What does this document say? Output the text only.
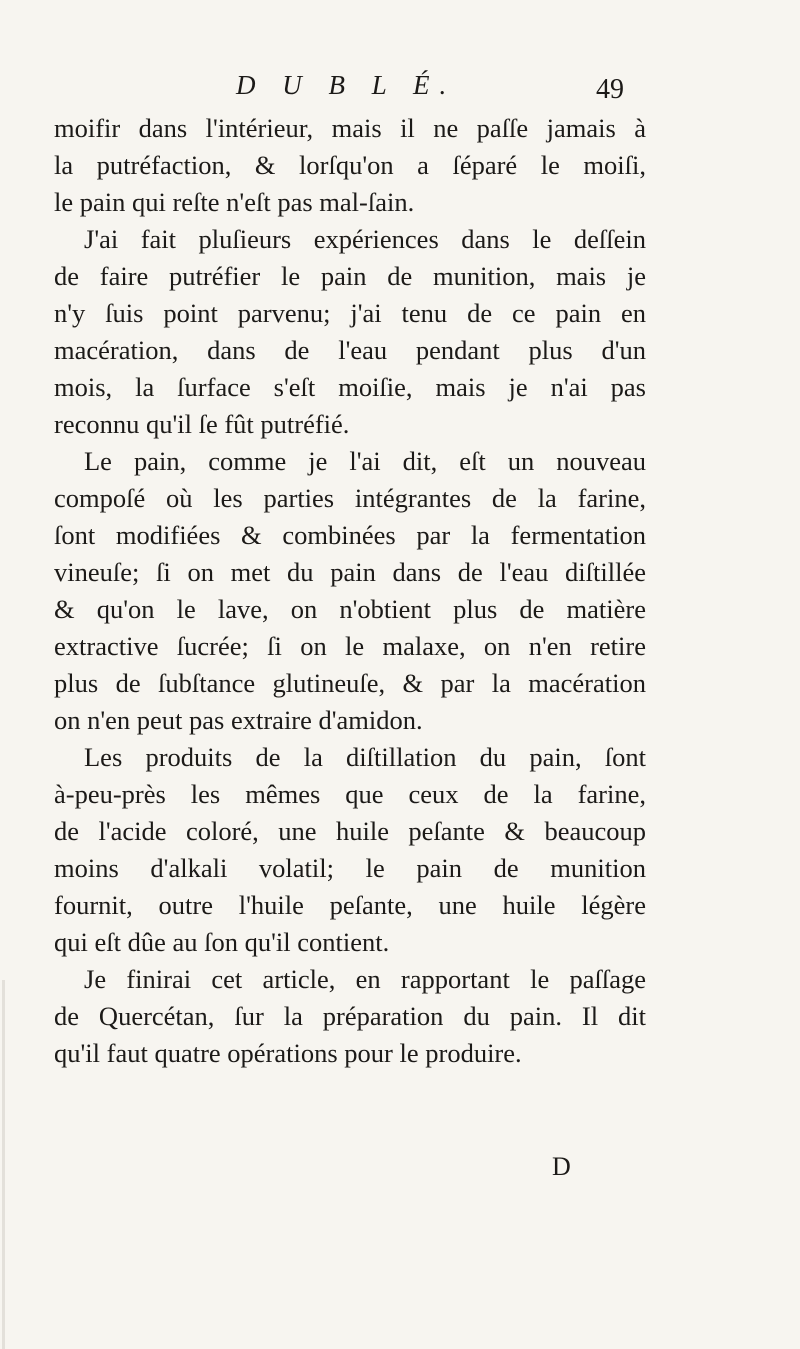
D U B L É.	49
moifir dans l'intérieur, mais il ne paſſe jamais à
la putréfaction, & lorſqu'on a ſéparé le moiſi,
le pain qui reſte n'eſt pas mal-ſain.
J'ai fait pluſieurs expériences dans le deſſein
de faire putréfier le pain de munition, mais je
n'y ſuis point parvenu; j'ai tenu de ce pain en
macération, dans de l'eau pendant plus d'un
mois, la ſurface s'eſt moiſie, mais je n'ai pas
reconnu qu'il ſe fût putréfié.
Le pain, comme je l'ai dit, eſt un nouveau
compoſé où les parties intégrantes de la farine,
ſont modifiées & combinées par la fermentation
vineuſe; ſi on met du pain dans de l'eau diſtillée
& qu'on le lave, on n'obtient plus de matière
extractive ſucrée; ſi on le malaxe, on n'en retire
plus de ſubſtance glutineuſe, & par la macération
on n'en peut pas extraire d'amidon.
Les produits de la diſtillation du pain, ſont
à-peu-près les mêmes que ceux de la farine,
de l'acide coloré, une huile peſante & beaucoup
moins d'alkali volatil; le pain de munition
fournit, outre l'huile peſante, une huile légère
qui eſt dûe au ſon qu'il contient.
Je finirai cet article, en rapportant le paſſage
de Quercétan, ſur la préparation du pain. Il dit
qu'il faut quatre opérations pour le produire.
D
